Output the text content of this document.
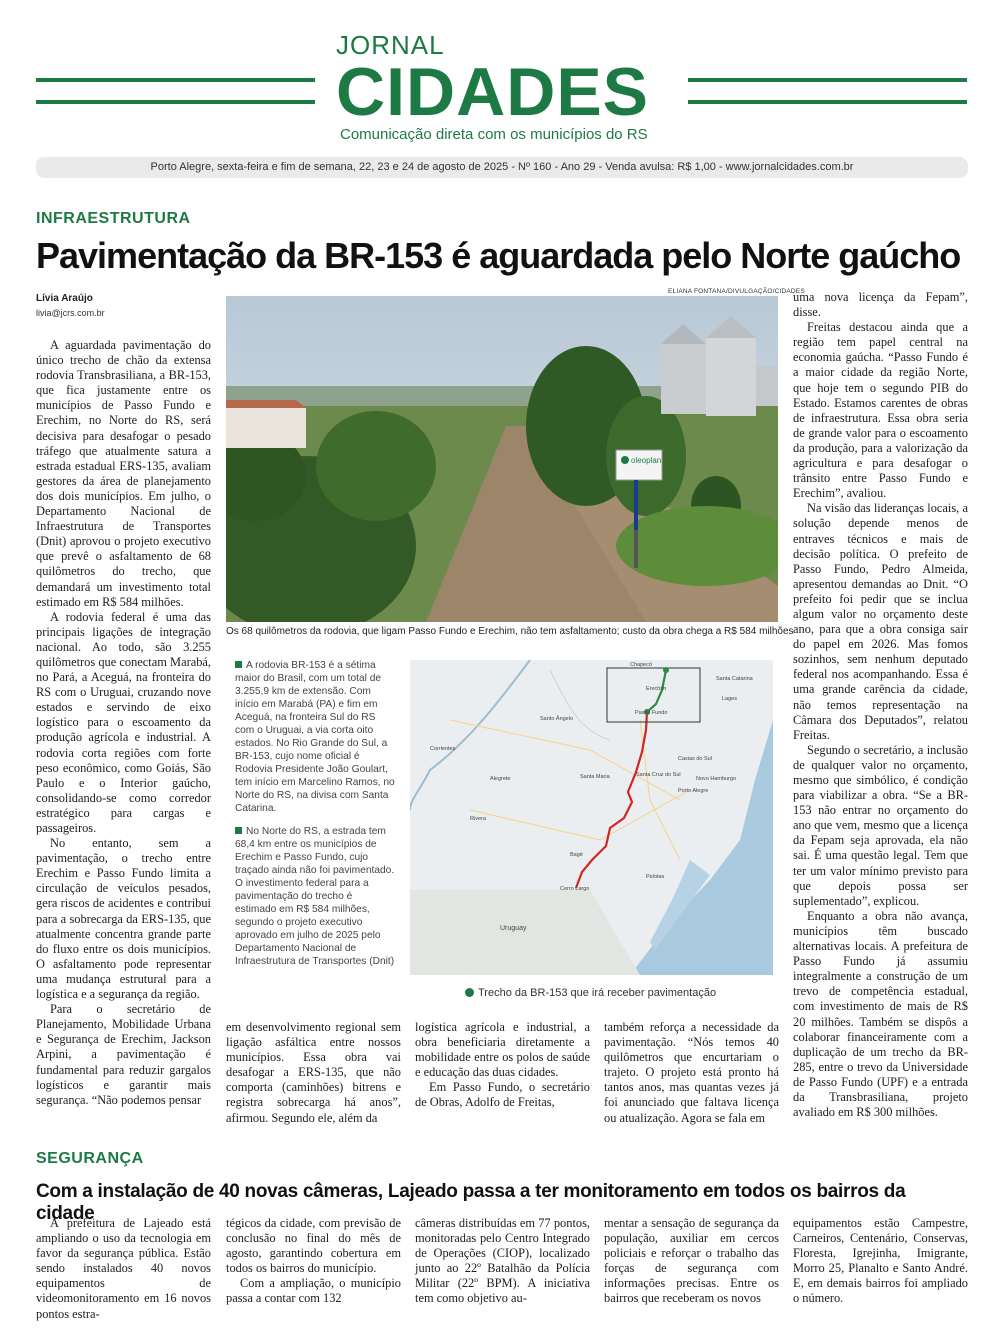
JORNAL
CIDADES
Comunicação direta com os municípios do RS
Porto Alegre, sexta-feira e fim de semana, 22, 23 e 24 de agosto de 2025 - Nº 160 - Ano 29 - Venda avulsa: R$ 1,00 - www.jornalcidades.com.br
INFRAESTRUTURA
Pavimentação da BR-153 é aguardada pelo Norte gaúcho
Lívia Araújo
livia@jcrs.com.br

A aguardada pavimentação do único trecho de chão da extensa rodovia Transbrasiliana, a BR-153, que fica justamente entre os municípios de Passo Fundo e Erechim, no Norte do RS, será decisiva para desafogar o pesado tráfego que atualmente satura a estrada estadual ERS-135, avaliam gestores da área de planejamento dos dois municípios. Em julho, o Departamento Nacional de Infraestrutura de Transportes (Dnit) aprovou o projeto executivo que prevê o asfaltamento de 68 quilômetros do trecho, que demandará um investimento total estimado em R$ 584 milhões.

A rodovia federal é uma das principais ligações de integração nacional. Ao todo, são 3.255 quilômetros que conectam Marabá, no Pará, a Aceguá, na fronteira do RS com o Uruguai, cruzando nove estados e servindo de eixo logístico para o escoamento da produção agrícola e industrial. A rodovia corta regiões com forte peso econômico, como Goiás, São Paulo e o Interior gaúcho, consolidando-se como corredor estratégico para cargas e passageiros.

No entanto, sem a pavimentação, o trecho entre Erechim e Passo Fundo limita a circulação de veículos pesados, gera riscos de acidentes e contribui para a sobrecarga da ERS-135, que atualmente concentra grande parte do fluxo entre os dois municípios. O asfaltamento pode representar uma mudança estrutural para a logística e a segurança da região.

Para o secretário de Planejamento, Mobilidade Urbana e Segurança de Erechim, Jackson Arpini, a pavimentação é fundamental para reduzir gargalos logísticos e garantir mais segurança. “Não podemos pensar

ELIANA FONTANA/DIVULGAÇÃO/CIDADES
oleoplan
Os 68 quilômetros da rodovia, que ligam Passo Fundo e Erechim, não tem asfaltamento; custo da obra chega a R$ 584 milhões

A rodovia BR-153 é a sétima maior do Brasil, com um total de 3.255,9 km de extensão. Com início em Marabá (PA) e fim em Aceguá, na fronteira Sul do RS com o Uruguai, a via corta oito estados. No Rio Grande do Sul, a BR-153, cujo nome oficial é Rodovia Presidente João Goulart, tem início em Marcelino Ramos, no Norte do RS, na divisa com Santa Catarina.

No Norte do RS, a estrada tem 68,4 km entre os municípios de Erechim e Passo Fundo, cujo traçado ainda não foi pavimentado. O investimento federal para a pavimentação do trecho é estimado em R$ 584 milhões, segundo o projeto executivo aprovado em julho de 2025 pelo Departamento Nacional de Infraestrutura de Transportes (Dnit)

Erechim
Passo Fundo
Caxias do Sul
Santa Cruz do Sul
Santa Maria
Porto Alegre
Bagé
Cerro Largo
Santo Ângelo
Lages
Uruguay
Corrientes
Chapecó
Santa Catarina
Novo Hamburgo
Pelotas
Rivera
Alegrete
Trecho da BR-153 que irá receber pavimentação

em desenvolvimento regional sem ligação asfáltica entre nossos municípios. Essa obra vai desafogar a ERS-135, que não comporta (caminhões) bitrens e registra sobrecarga há anos”, afirmou. Segundo ele, além da

logística agrícola e industrial, a obra beneficiaria diretamente a mobilidade entre os polos de saúde e educação das duas cidades.

Em Passo Fundo, o secretário de Obras, Adolfo de Freitas,

também reforça a necessidade da pavimentação. “Nós temos 40 quilômetros que encurtariam o trajeto. O projeto está pronto há tantos anos, mas quantas vezes já foi anunciado que faltava licença ou atualização. Agora se fala em

uma nova licença da Fepam”, disse.

Freitas destacou ainda que a região tem papel central na economia gaúcha. “Passo Fundo é a maior cidade da região Norte, que hoje tem o segundo PIB do Estado. Estamos carentes de obras de infraestrutura. Essa obra seria de grande valor para o escoamento da produção, para a valorização da agricultura e para desafogar o trânsito entre Passo Fundo e Erechim”, avaliou.

Na visão das lideranças locais, a solução depende menos de entraves técnicos e mais de decisão política. O prefeito de Passo Fundo, Pedro Almeida, apresentou demandas ao Dnit. “O prefeito foi pedir que se inclua algum valor no orçamento deste ano, para que a obra consiga sair do papel em 2026. Mas fomos sozinhos, sem nenhum deputado federal nos acompanhando. Essa é uma grande carência da cidade, não temos representação na Câmara dos Deputados”, relatou Freitas.

Segundo o secretário, a inclusão de qualquer valor no orçamento, mesmo que simbólico, é condição para viabilizar a obra. “Se a BR-153 não entrar no orçamento do ano que vem, mesmo que a licença da Fepam seja aprovada, ela não sai. É uma questão legal. Tem que ter um valor mínimo previsto para que depois possa ser suplementado”, explicou.

Enquanto a obra não avança, municípios têm buscado alternativas locais. A prefeitura de Passo Fundo já assumiu integralmente a construção de um trevo de competência estadual, com investimento de mais de R$ 20 milhões. Também se dispôs a colaborar financeiramente com a duplicação de um trecho da BR-285, entre o trevo da Universidade de Passo Fundo (UPF) e a entrada da Transbrasiliana, projeto avaliado em R$ 300 milhões.

SEGURANÇA
Com a instalação de 40 novas câmeras, Lajeado passa a ter monitoramento em todos os bairros da cidade

A prefeitura de Lajeado está ampliando o uso da tecnologia em favor da segurança pública. Estão sendo instalados 40 novos equipamentos de videomonitoramento em 16 novos pontos estra-

tégicos da cidade, com previsão de conclusão no final do mês de agosto, garantindo cobertura em todos os bairros do município.

Com a ampliação, o município passa a contar com 132

câmeras distribuídas em 77 pontos, monitoradas pelo Centro Integrado de Operações (CIOP), localizado junto ao 22º Batalhão da Polícia Militar (22º BPM). A iniciativa tem como objetivo au-

mentar a sensação de segurança da população, auxiliar em cercos policiais e reforçar o trabalho das forças de segurança com informações precisas. Entre os bairros que receberam os novos

equipamentos estão Campestre, Carneiros, Centenário, Conservas, Floresta, Igrejinha, Imigrante, Morro 25, Planalto e Santo André. E, em demais bairros foi ampliado o número.
